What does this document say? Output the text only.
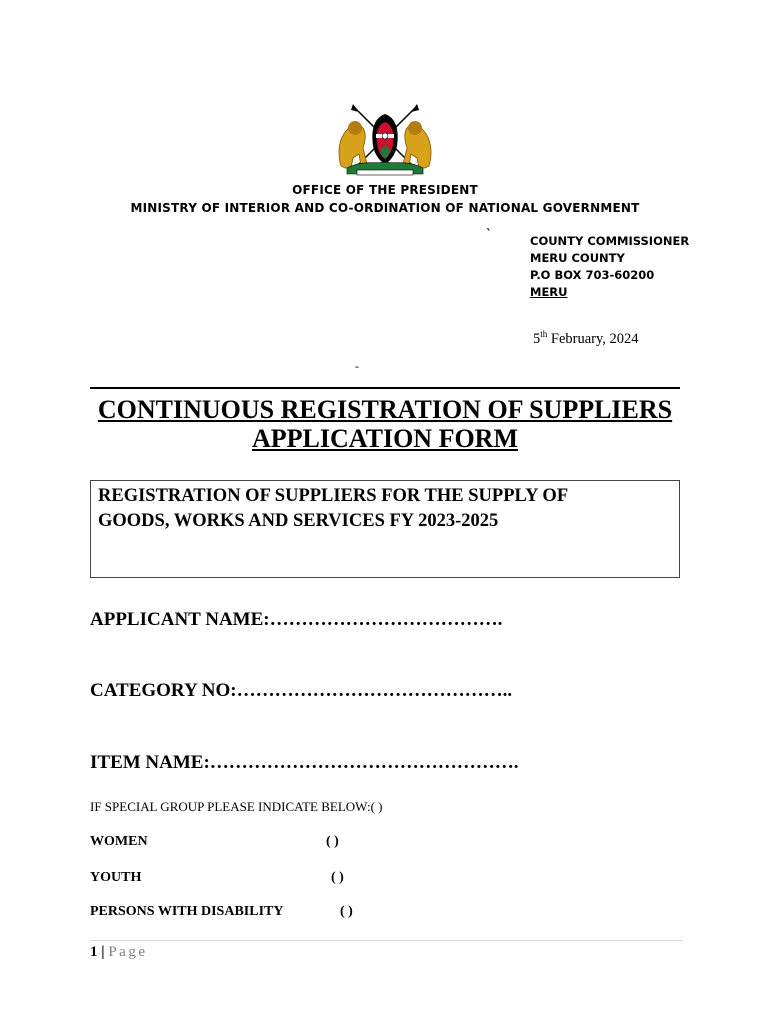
OFFICE OF THE PRESIDENT
MINISTRY OF INTERIOR AND CO-ORDINATION OF NATIONAL GOVERNMENT
`	COUNTY COMMISSIONER
MERU COUNTY
P.O BOX 703-60200
MERU
5th February, 2024
-
CONTINUOUS REGISTRATION OF SUPPLIERS
APPLICATION FORM
REGISTRATION OF SUPPLIERS FOR THE SUPPLY OF
GOODS, WORKS AND SERVICES FY 2023-2025
APPLICANT NAME:……………………………….
CATEGORY NO:……………………………………..
ITEM NAME:………………………………………….
IF SPECIAL GROUP PLEASE INDICATE BELOW:( )
WOMEN	( )
YOUTH	( )
PERSONS WITH DISABILITY	( )
1 | Page
